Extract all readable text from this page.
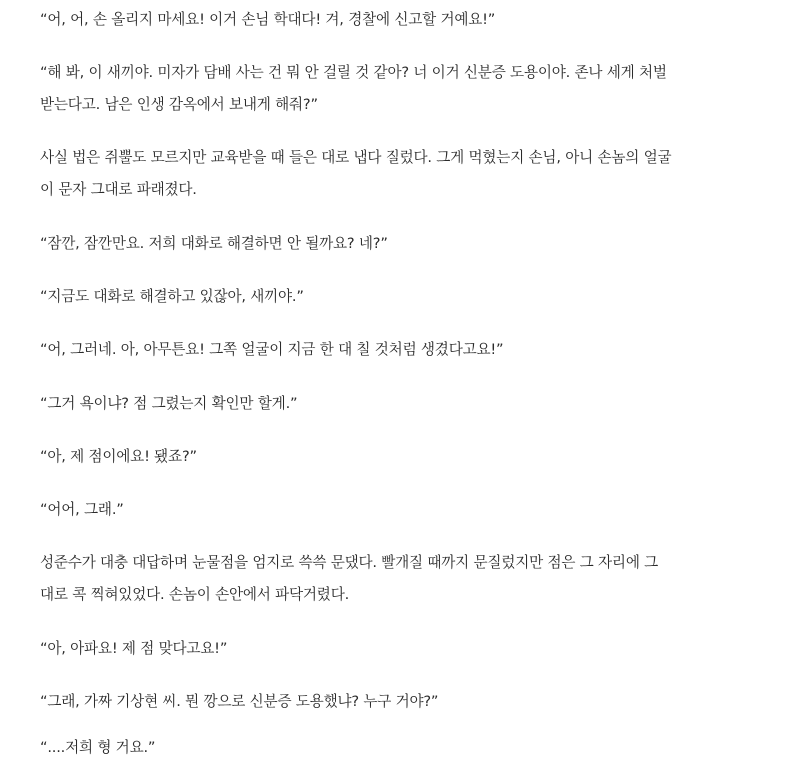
“어, 어, 손 올리지 마세요! 이거 손님 학대다! 겨, 경찰에 신고할 거예요!”

“해 봐, 이 새끼야. 미자가 담배 사는 건 뭐 안 걸릴 것 같아? 너 이거 신분증 도용이야. 존나 세게 처벌

받는다고. 남은 인생 감옥에서 보내게 해줘?”

사실 법은 쥐뿔도 모르지만 교육받을 때 들은 대로 냅다 질렀다. 그게 먹혔는지 손님, 아니 손놈의 얼굴

이 문자 그대로 파래졌다.

“잠깐, 잠깐만요. 저희 대화로 해결하면 안 될까요? 네?”

“지금도 대화로 해결하고 있잖아, 새끼야.”

“어, 그러네. 아, 아무튼요! 그쪽 얼굴이 지금 한 대 칠 것처럼 생겼다고요!”

“그거 욕이냐? 점 그렸는지 확인만 할게.”

“아, 제 점이에요! 됐죠?”

“어어, 그래.”

성준수가 대충 대답하며 눈물점을 엄지로 쓱쓱 문댔다. 빨개질 때까지 문질렀지만 점은 그 자리에 그

대로 콕 찍혀있었다. 손놈이 손안에서 파닥거렸다.

“아, 아파요! 제 점 맞다고요!”

“그래, 가짜 기상현 씨. 뭔 깡으로 신분증 도용했냐? 누구 거야?”

“....저희 형 거요.”
